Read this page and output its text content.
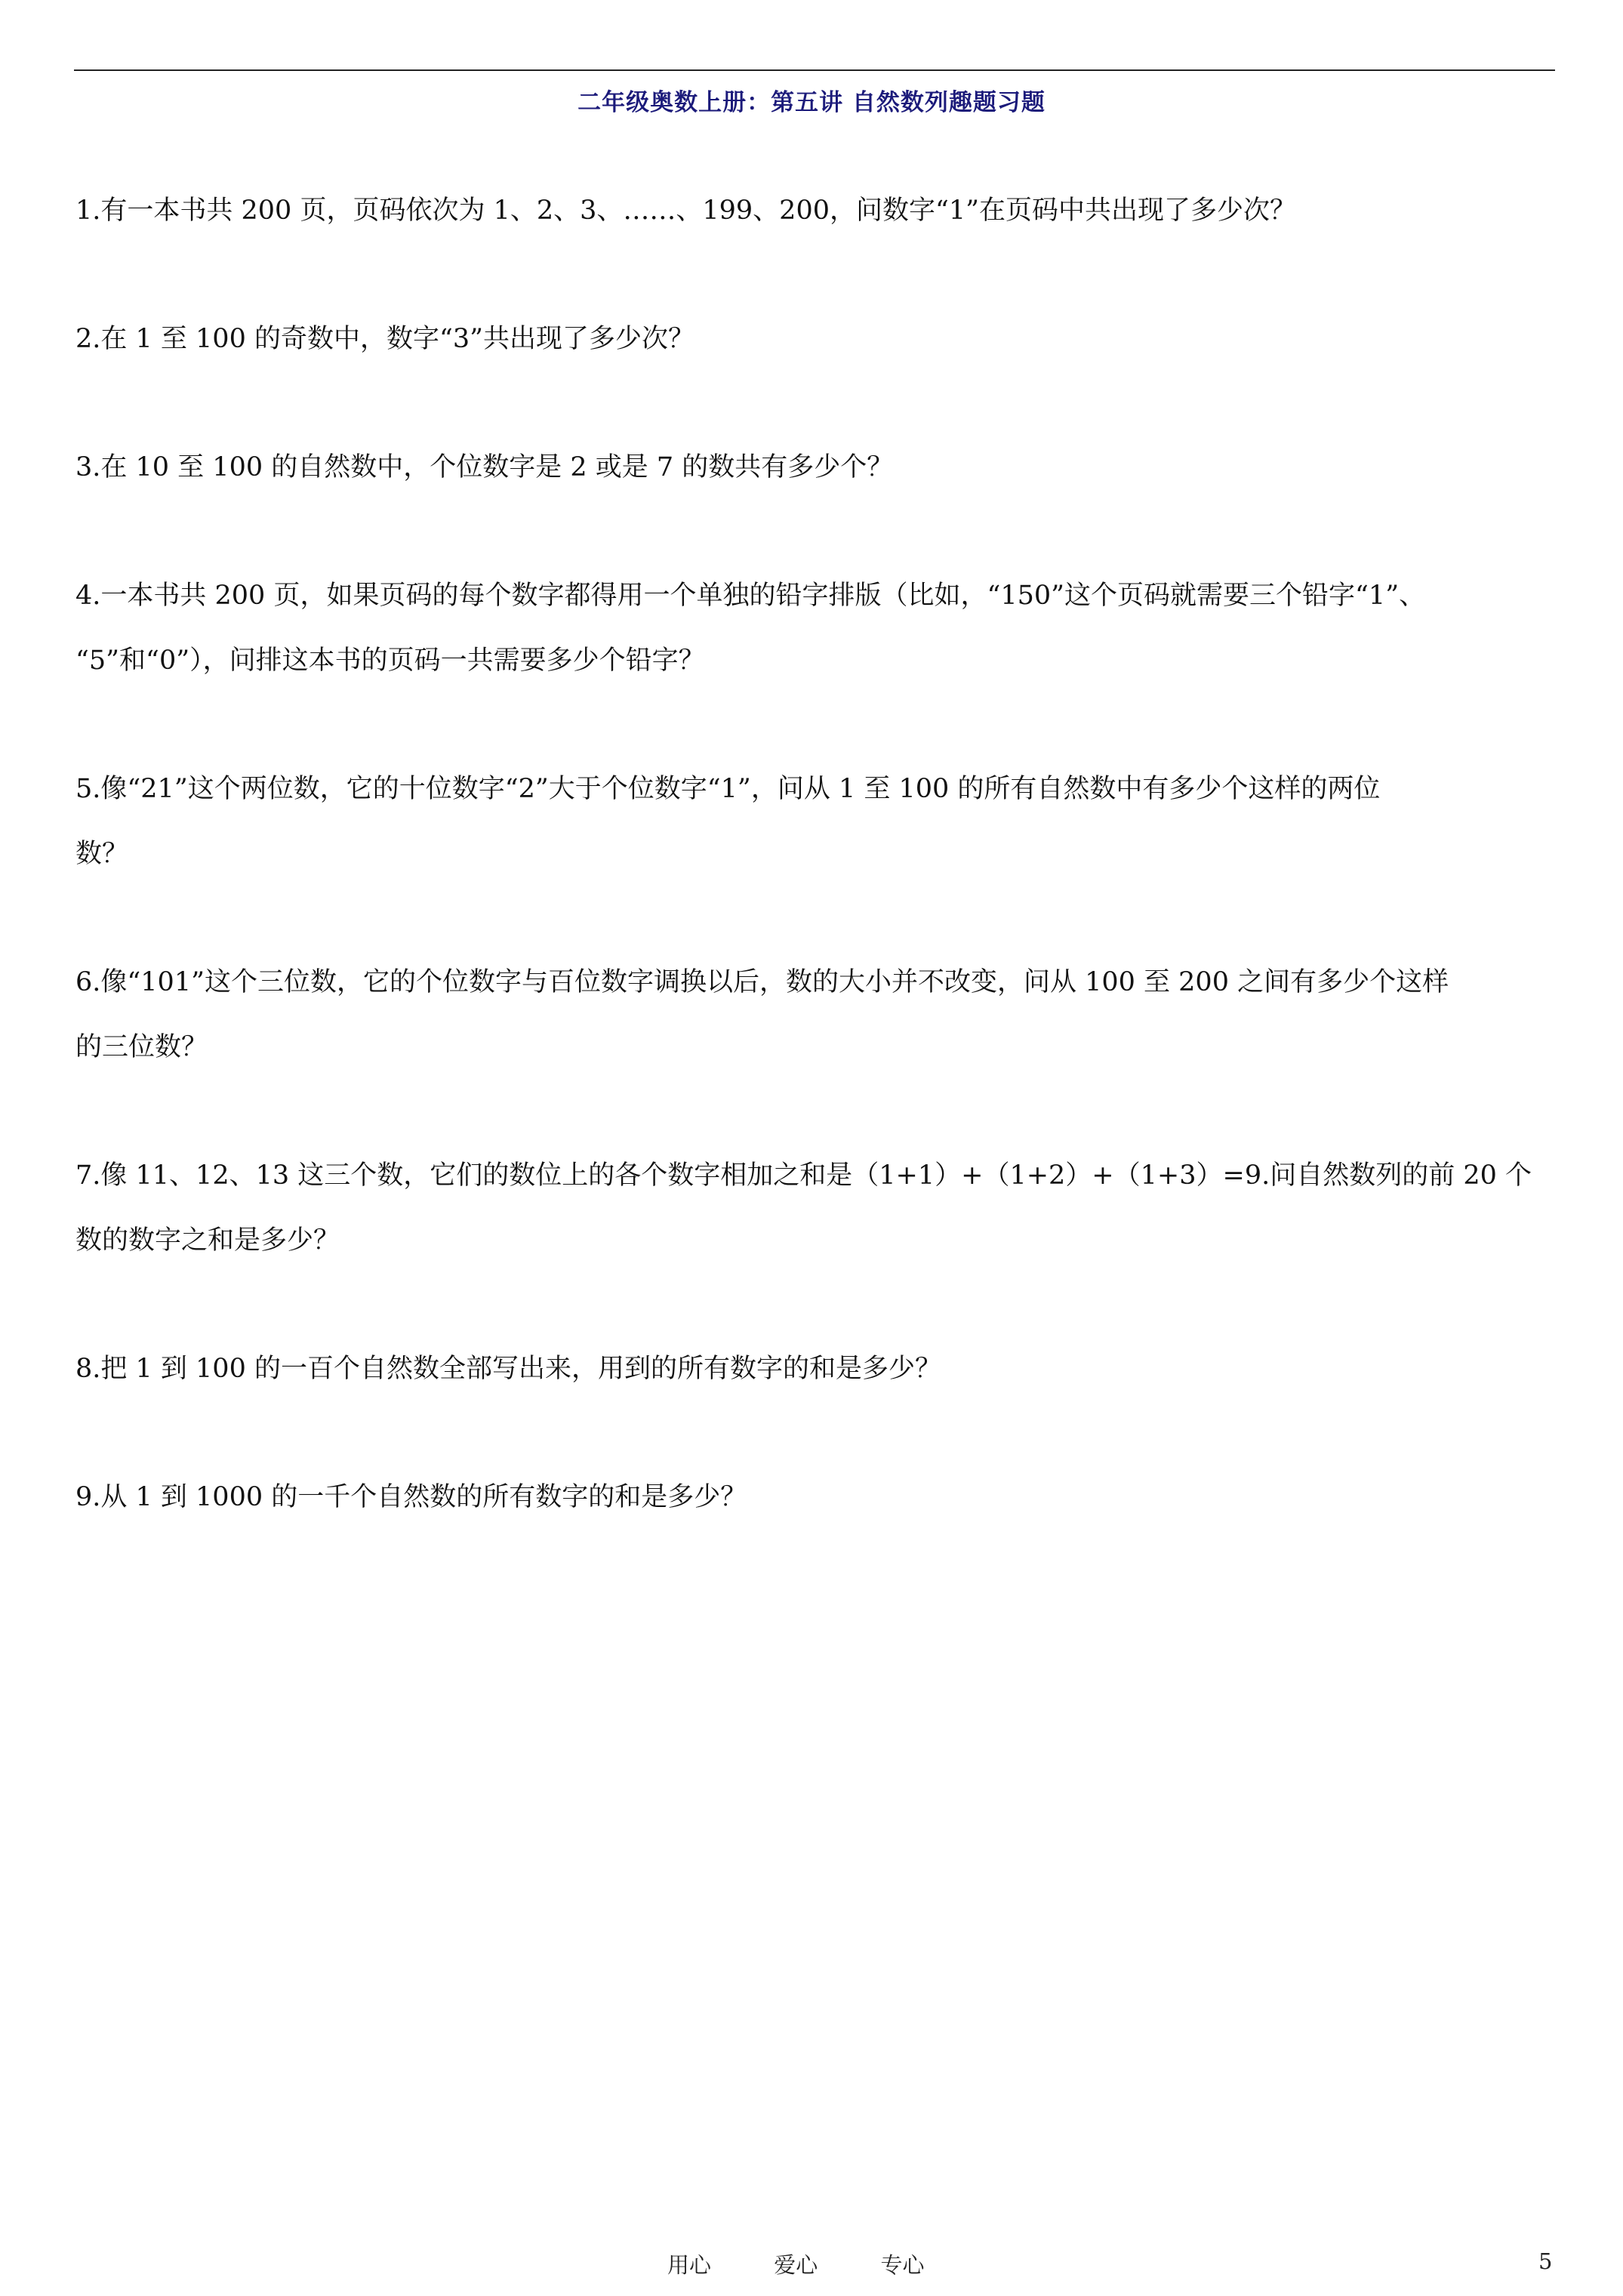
二年级奥数上册：第五讲 自然数列趣题习题
1.有一本书共 200 页，页码依次为 1、2、3、……、199、200，问数字“1”在页码中共出现了多少次？
2.在 1 至 100 的奇数中，数字“3”共出现了多少次？
3.在 10 至 100 的自然数中，个位数字是 2 或是 7 的数共有多少个？
4.一本书共 200 页，如果页码的每个数字都得用一个单独的铅字排版（比如，“150”这个页码就需要三个铅字“1”、
“5”和“0”），问排这本书的页码一共需要多少个铅字？
5.像“21”这个两位数，它的十位数字“2”大于个位数字“1”，问从 1 至 100 的所有自然数中有多少个这样的两位
数？
6.像“101”这个三位数，它的个位数字与百位数字调换以后，数的大小并不改变，问从 100 至 200 之间有多少个这样
的三位数？
7.像 11、12、13 这三个数，它们的数位上的各个数字相加之和是（1+1）+（1+2）+（1+3）=9.问自然数列的前 20 个
数的数字之和是多少？
8.把 1 到 100 的一百个自然数全部写出来，用到的所有数字的和是多少？
9.从 1 到 1000 的一千个自然数的所有数字的和是多少？
用心	爱心	专心	5
